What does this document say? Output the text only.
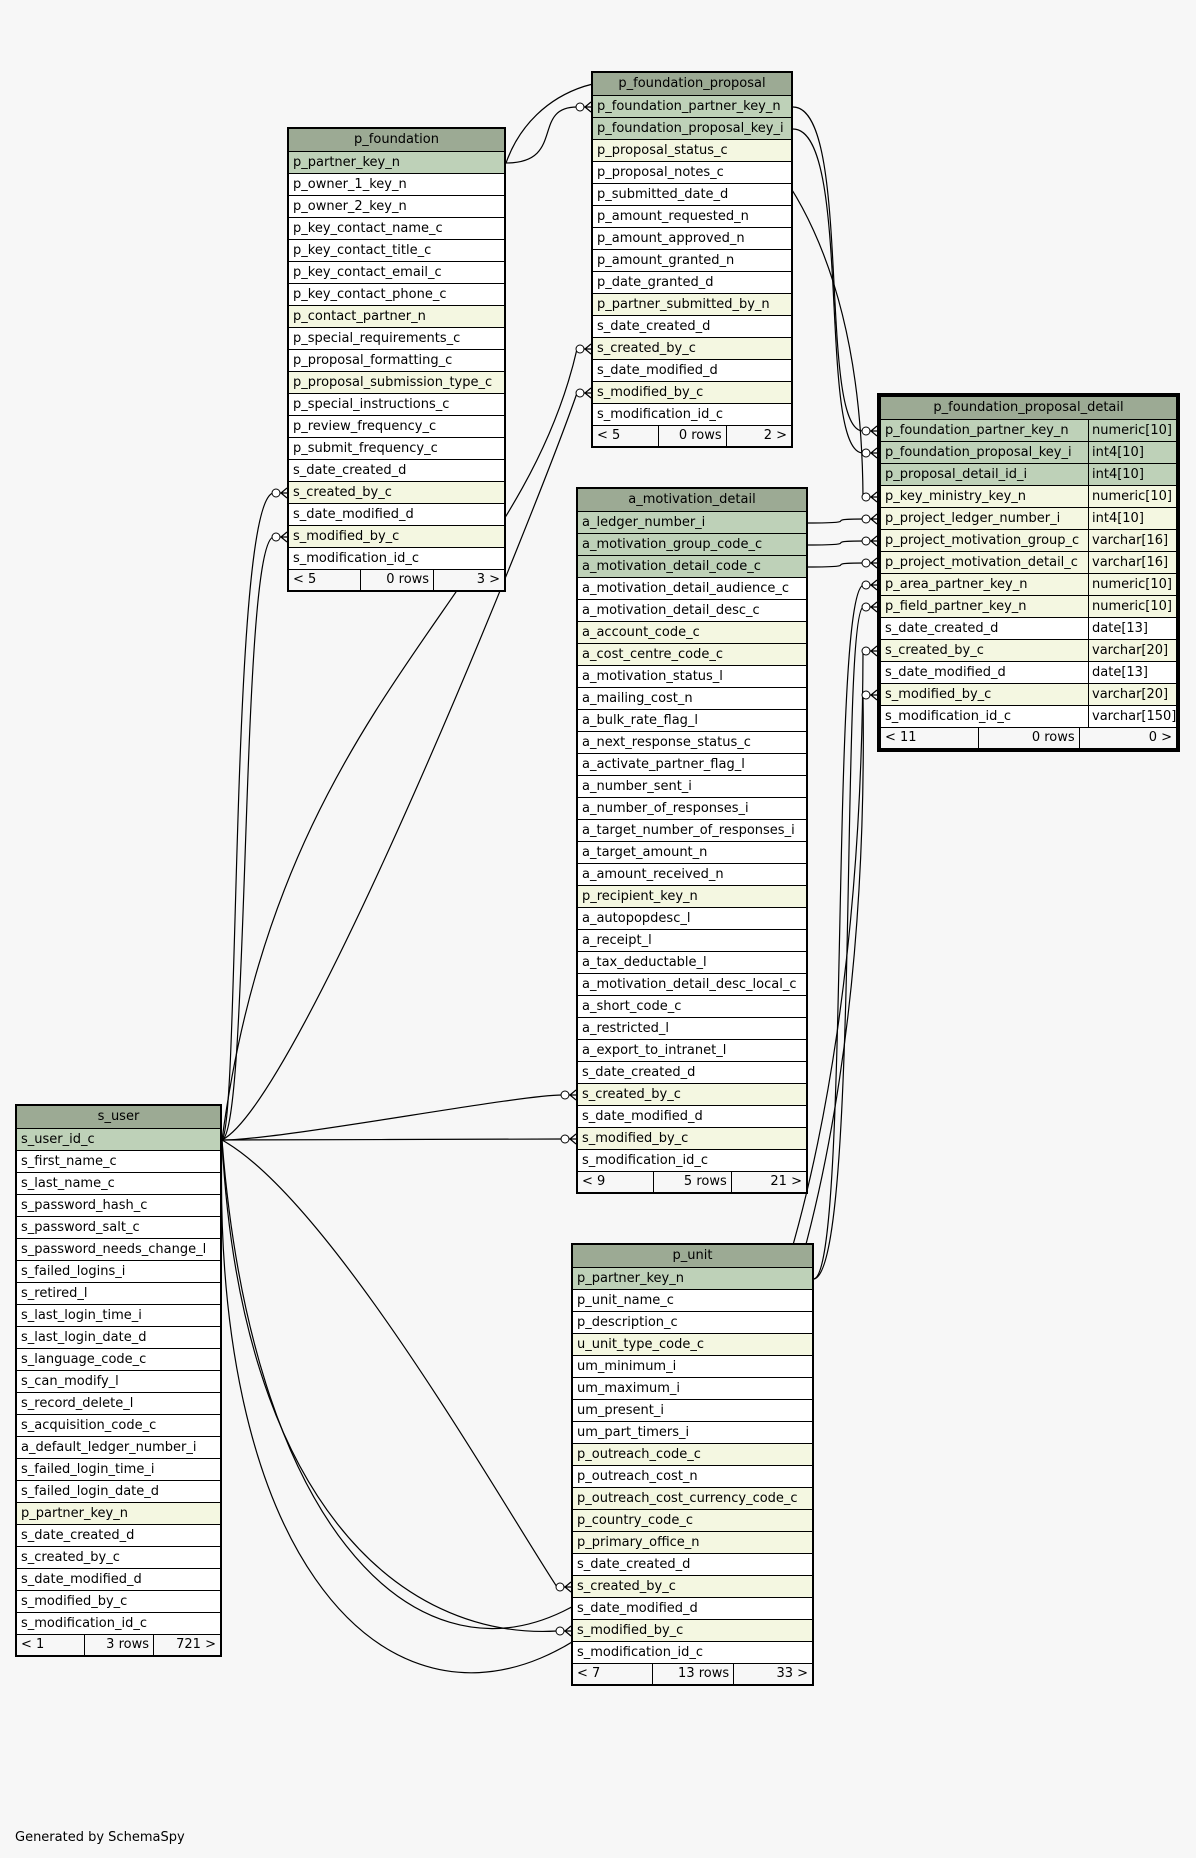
p_foundation_proposal
p_foundation_partner_key_n
p_foundation_proposal_key_i
p_proposal_status_c
p_proposal_notes_c
p_submitted_date_d
p_amount_requested_n
p_amount_approved_n
p_amount_granted_n
p_date_granted_d
p_partner_submitted_by_n
s_date_created_d
s_created_by_c
s_date_modified_d
s_modified_by_c
s_modification_id_c
< 5	0 rows	2 >
p_foundation
p_partner_key_n
p_owner_1_key_n
p_owner_2_key_n
p_key_contact_name_c
p_key_contact_title_c
p_key_contact_email_c
p_key_contact_phone_c
p_contact_partner_n
p_special_requirements_c
p_proposal_formatting_c
p_proposal_submission_type_c
p_special_instructions_c
p_review_frequency_c
p_submit_frequency_c
s_date_created_d
s_created_by_c
s_date_modified_d
s_modified_by_c
s_modification_id_c
< 5	0 rows	3 >
p_foundation_proposal_detail
p_foundation_partner_key_n	numeric[10]
p_foundation_proposal_key_i	int4[10]
p_proposal_detail_id_i	int4[10]
p_key_ministry_key_n	numeric[10]
p_project_ledger_number_i	int4[10]
p_project_motivation_group_c varchar[16]
p_project_motivation_detail_c	varchar[16]
p_area_partner_key_n	numeric[10]
p_field_partner_key_n	numeric[10]
s_date_created_d	date[13]
s_created_by_c	varchar[20]
s_date_modified_d	date[13]
s_modified_by_c	varchar[20]
s_modification_id_c	varchar[150]
< 11	0 rows	0 >
a_motivation_detail
a_ledger_number_i
a_motivation_group_code_c
a_motivation_detail_code_c
a_motivation_detail_audience_c
a_motivation_detail_desc_c
a_account_code_c
a_cost_centre_code_c
a_motivation_status_l
a_mailing_cost_n
a_bulk_rate_flag_l
a_next_response_status_c
a_activate_partner_flag_l
a_number_sent_i
a_number_of_responses_i
a_target_number_of_responses_i
a_target_amount_n
a_amount_received_n
p_recipient_key_n
a_autopopdesc_l
a_receipt_l
a_tax_deductable_l
a_motivation_detail_desc_local_c
a_short_code_c
a_restricted_l
a_export_to_intranet_l
s_date_created_d
s_created_by_c
s_date_modified_d
s_modified_by_c
s_modification_id_c
< 9	5 rows	21 >
s_user
s_user_id_c
s_first_name_c
s_last_name_c
s_password_hash_c
s_password_salt_c
s_password_needs_change_l
s_failed_logins_i
s_retired_l
s_last_login_time_i
s_last_login_date_d
s_language_code_c
s_can_modify_l
s_record_delete_l
s_acquisition_code_c
a_default_ledger_number_i
s_failed_login_time_i
s_failed_login_date_d
p_partner_key_n
s_date_created_d
s_created_by_c
s_date_modified_d
s_modified_by_c
s_modification_id_c
< 1	3 rows	721 >
p_unit
p_partner_key_n
p_unit_name_c
p_description_c
u_unit_type_code_c
um_minimum_i
um_maximum_i
um_present_i
um_part_timers_i
p_outreach_code_c
p_outreach_cost_n
p_outreach_cost_currency_code_c
p_country_code_c
p_primary_office_n
s_date_created_d
s_created_by_c
s_date_modified_d
s_modified_by_c
s_modification_id_c
< 7	13 rows	33 >
Generated by SchemaSpy
